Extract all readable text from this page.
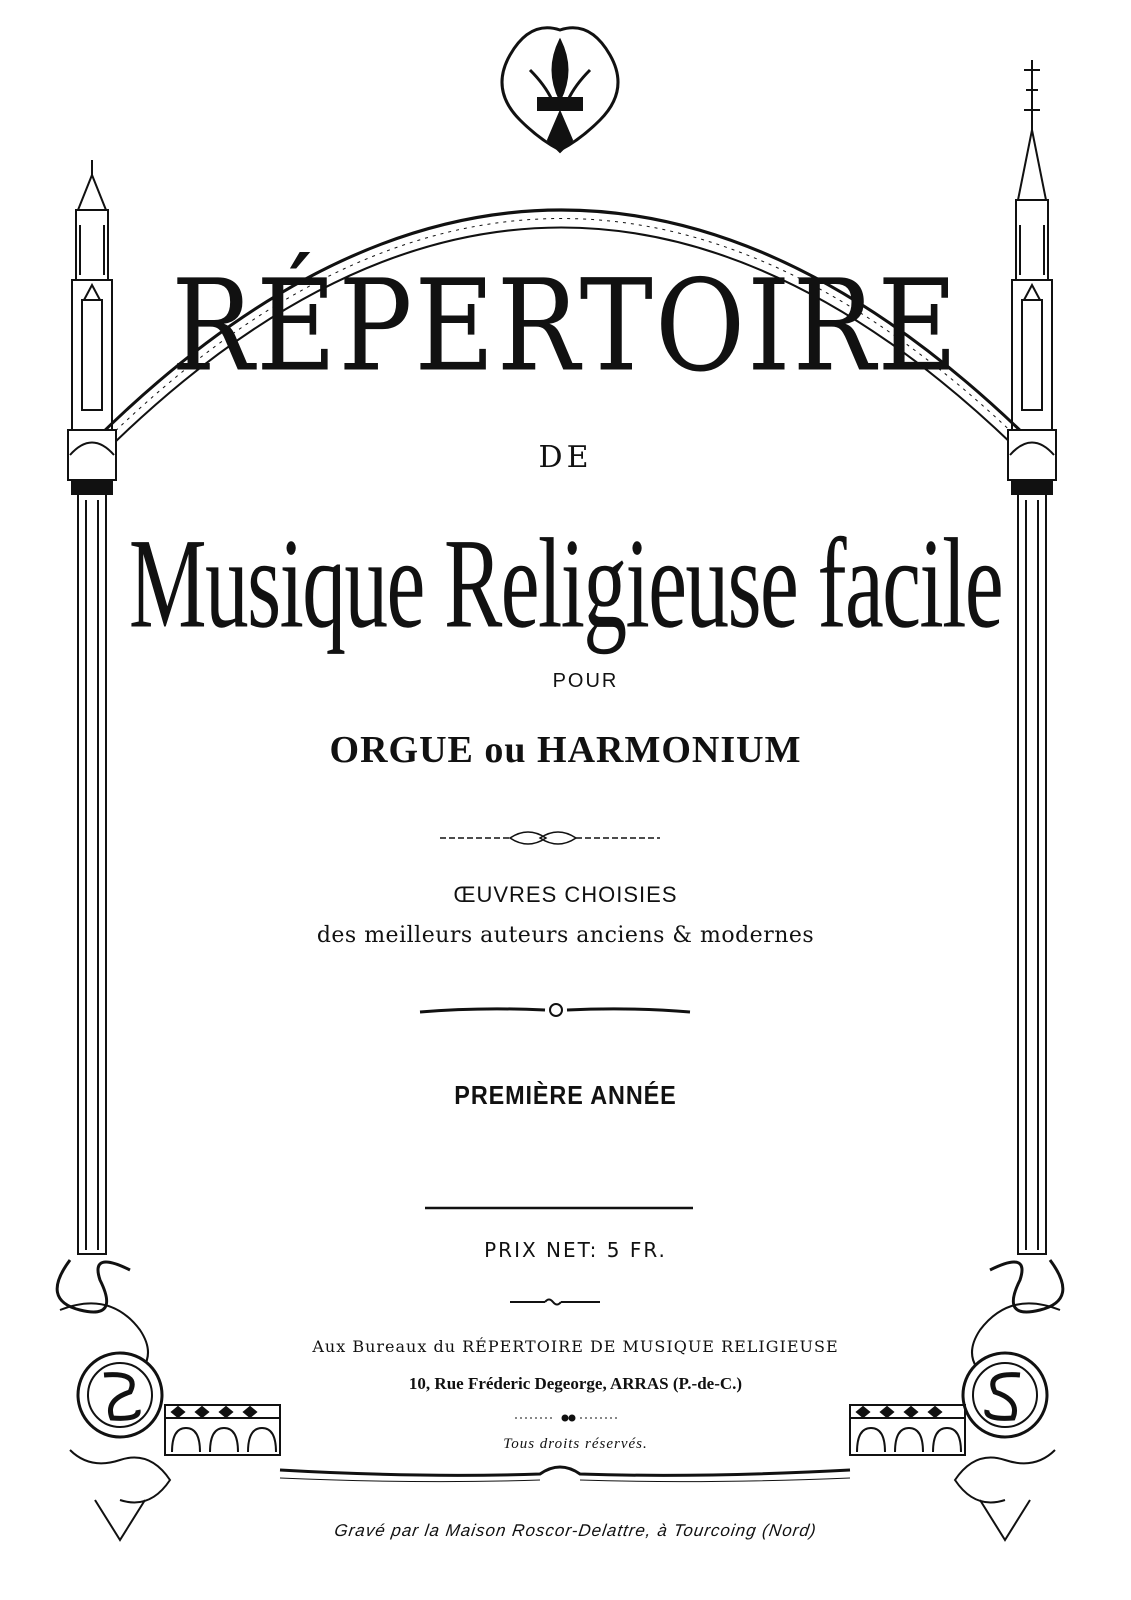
RÉPERTOIRE
DE
Musique Religieuse facile
POUR
ORGUE ou HARMONIUM
ŒUVRES CHOISIES
des meilleurs auteurs anciens & modernes
PREMIÈRE ANNÉE
PRIX NET: 5 FR.
Aux Bureaux du RÉPERTOIRE DE MUSIQUE RELIGIEUSE
10, Rue Fréderic Degeorge, ARRAS (P.-de-C.)
Tous droits réservés.
Gravé par la Maison Roscor-Delattre, à Tourcoing (Nord)
